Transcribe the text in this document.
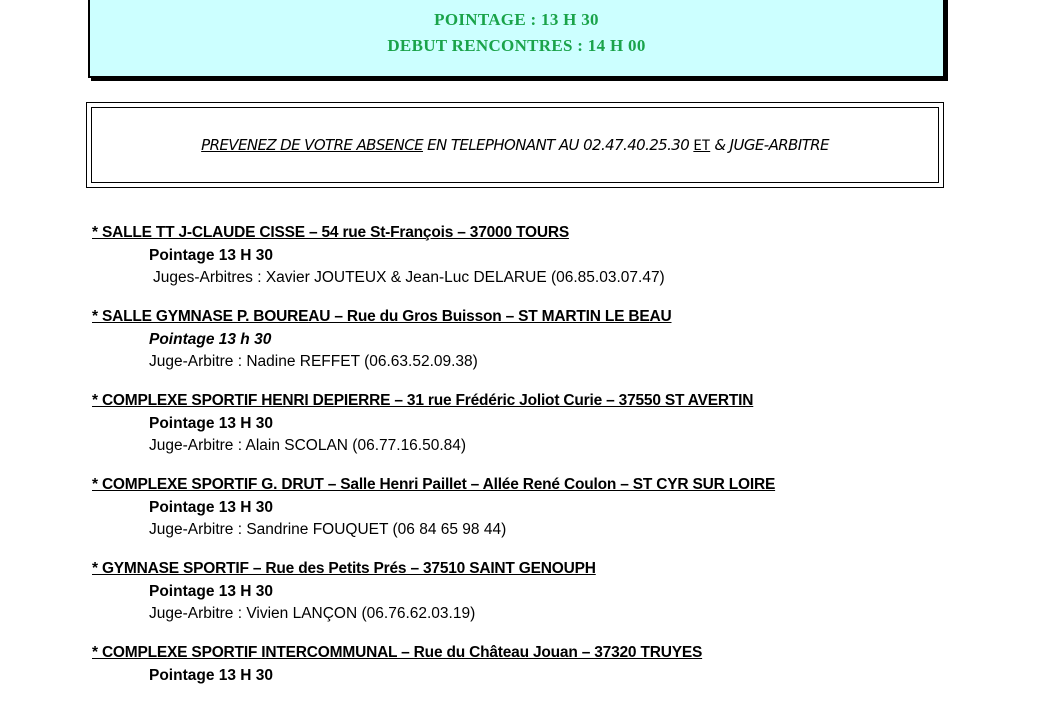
POINTAGE : 13 H 30
DEBUT RENCONTRES : 14 H 00
PREVENEZ DE VOTRE ABSENCE EN TELEPHONANT AU 02.47.40.25.30 ET & JUGE-ARBITRE
* SALLE TT J-CLAUDE CISSE – 54 rue St-François – 37000 TOURS
Pointage 13 H 30
Juges-Arbitres : Xavier JOUTEUX & Jean-Luc DELARUE (06.85.03.07.47)
* SALLE GYMNASE P. BOUREAU – Rue du Gros Buisson – ST MARTIN LE BEAU
Pointage 13 h 30
Juge-Arbitre : Nadine REFFET (06.63.52.09.38)
* COMPLEXE SPORTIF HENRI DEPIERRE – 31 rue Frédéric Joliot Curie – 37550 ST AVERTIN
Pointage 13 H 30
Juge-Arbitre : Alain SCOLAN (06.77.16.50.84)
* COMPLEXE SPORTIF G. DRUT – Salle Henri Paillet – Allée René Coulon – ST CYR SUR LOIRE
Pointage 13 H 30
Juge-Arbitre : Sandrine FOUQUET (06 84 65 98 44)
* GYMNASE SPORTIF – Rue des Petits Prés – 37510 SAINT GENOUPH
Pointage 13 H 30
Juge-Arbitre : Vivien LANÇON (06.76.62.03.19)
* COMPLEXE SPORTIF INTERCOMMUNAL – Rue du Château Jouan – 37320 TRUYES
Pointage 13 H 30
